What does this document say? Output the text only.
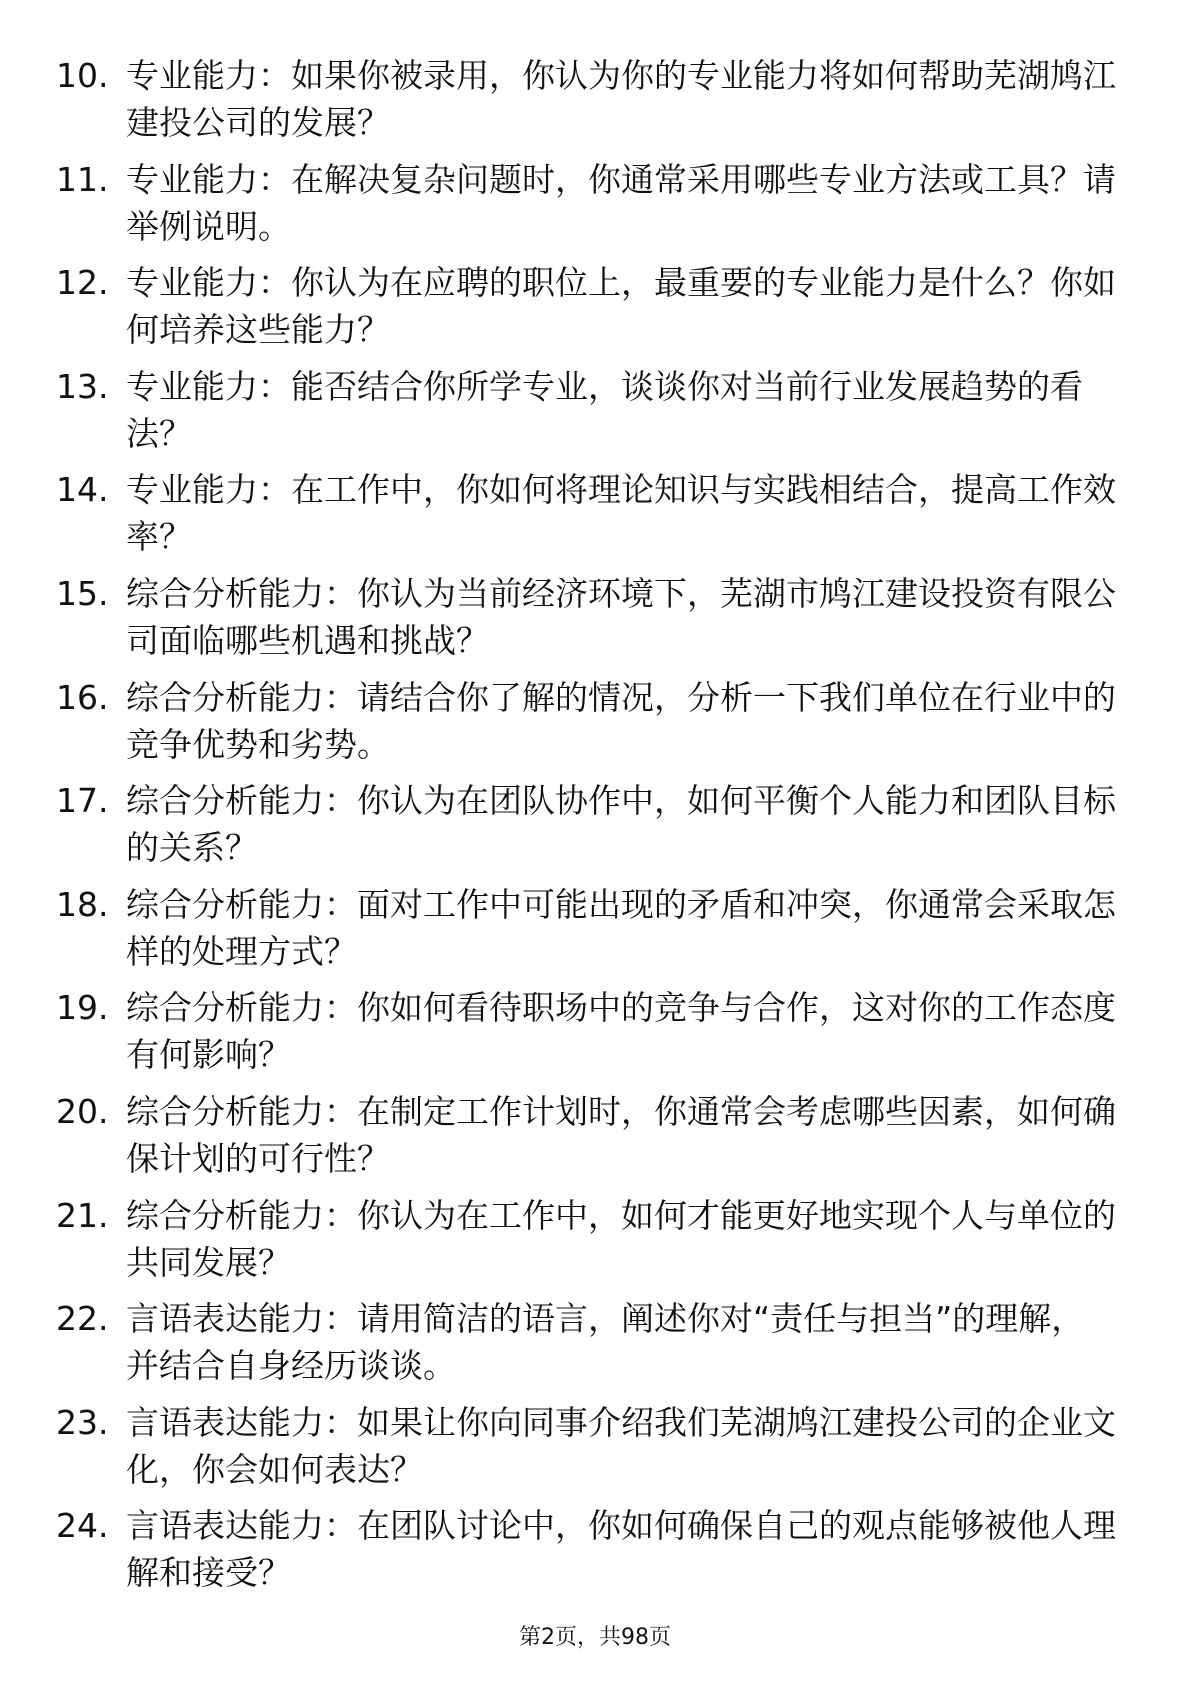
10. 专业能力：如果你被录用，你认为你的专业能力将如何帮助芜湖鸠江建投公司的发展？
11. 专业能力：在解决复杂问题时，你通常采用哪些专业方法或工具？请举例说明。
12. 专业能力：你认为在应聘的职位上，最重要的专业能力是什么？你如何培养这些能力？
13. 专业能力：能否结合你所学专业，谈谈你对当前行业发展趋势的看法？
14. 专业能力：在工作中，你如何将理论知识与实践相结合，提高工作效率？
15. 综合分析能力：你认为当前经济环境下，芜湖市鸠江建设投资有限公司面临哪些机遇和挑战？
16. 综合分析能力：请结合你了解的情况，分析一下我们单位在行业中的竞争优势和劣势。
17. 综合分析能力：你认为在团队协作中，如何平衡个人能力和团队目标的关系？
18. 综合分析能力：面对工作中可能出现的矛盾和冲突，你通常会采取怎样的处理方式？
19. 综合分析能力：你如何看待职场中的竞争与合作，这对你的工作态度有何影响？
20. 综合分析能力：在制定工作计划时，你通常会考虑哪些因素，如何确保计划的可行性？
21. 综合分析能力：你认为在工作中，如何才能更好地实现个人与单位的共同发展？
22. 言语表达能力：请用简洁的语言，阐述你对“责任与担当”的理解，并结合自身经历谈谈。
23. 言语表达能力：如果让你向同事介绍我们芜湖鸠江建投公司的企业文化，你会如何表达？
24. 言语表达能力：在团队讨论中，你如何确保自己的观点能够被他人理解和接受？
第2页，共98页
